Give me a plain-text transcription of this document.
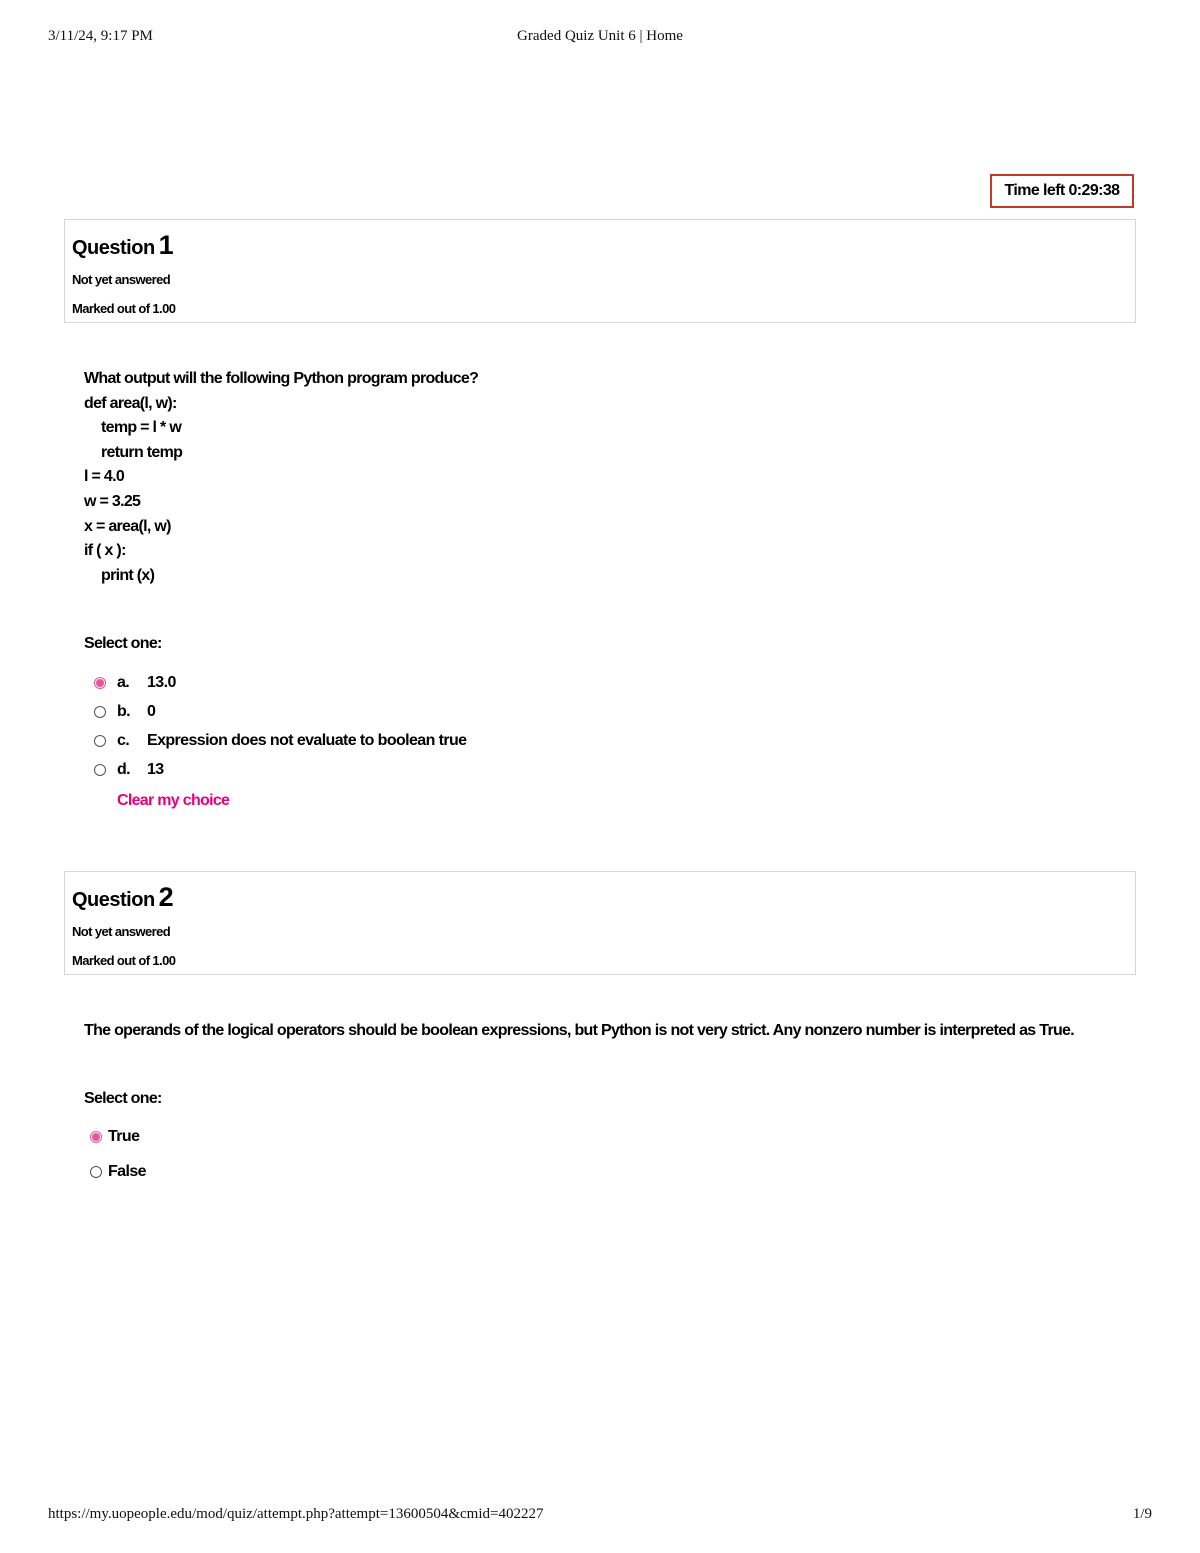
3/11/24, 9:17 PM	Graded Quiz Unit 6 | Home
Time left 0:29:38
Question 1
Not yet answered
Marked out of 1.00
What output will the following Python program produce?
def area(l, w):
temp = l * w
return temp
l = 4.0
w = 3.25
x = area(l, w)
if ( x ):
print (x)
Select one:
a.	13.0
b.	0
c.	Expression does not evaluate to boolean true
d.	13
Clear my choice
Question 2
Not yet answered
Marked out of 1.00
The operands of the logical operators should be boolean expressions, but Python is not very strict. Any nonzero number is interpreted as True.
Select one:
True
False
https://my.uopeople.edu/mod/quiz/attempt.php?attempt=13600504&cmid=402227	1/9
